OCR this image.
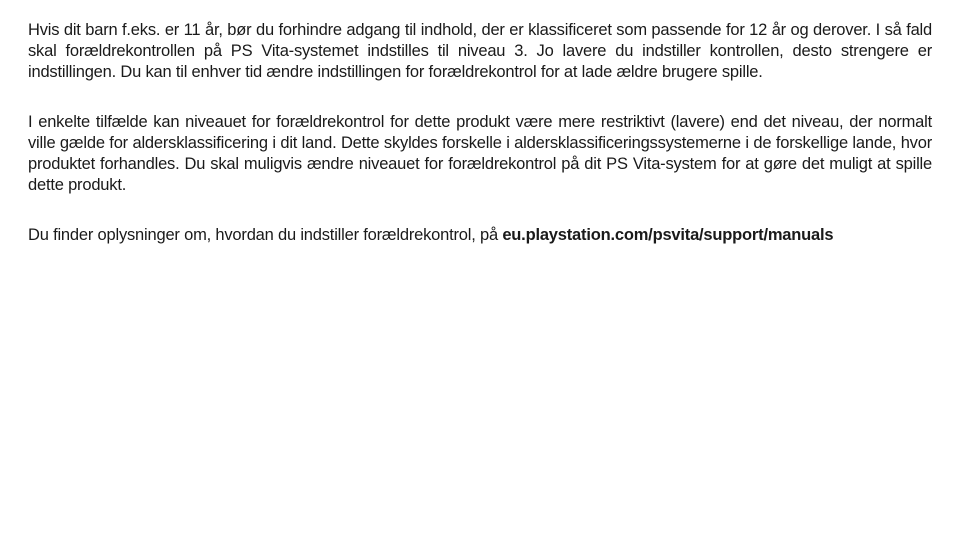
Hvis dit barn f.eks. er 11 år, bør du forhindre adgang til indhold, der er klassificeret som passende for 12 år og derover. I så fald skal forældrekontrollen på PS Vita-systemet indstilles til niveau 3. Jo lavere du indstiller kontrollen, desto strengere er indstillingen. Du kan til enhver tid ændre indstillingen for forældrekontrol for at lade ældre brugere spille.

I enkelte tilfælde kan niveauet for forældrekontrol for dette produkt være mere restriktivt (lavere) end det niveau, der normalt ville gælde for aldersklassificering i dit land. Dette skyldes forskelle i aldersklassificeringssystemerne i de forskellige lande, hvor produktet forhandles. Du skal muligvis ændre niveauet for forældrekontrol på dit PS Vita-system for at gøre det muligt at spille dette produkt.

Du finder oplysninger om, hvordan du indstiller forældrekontrol, på eu.playstation.com/psvita/support/manuals
